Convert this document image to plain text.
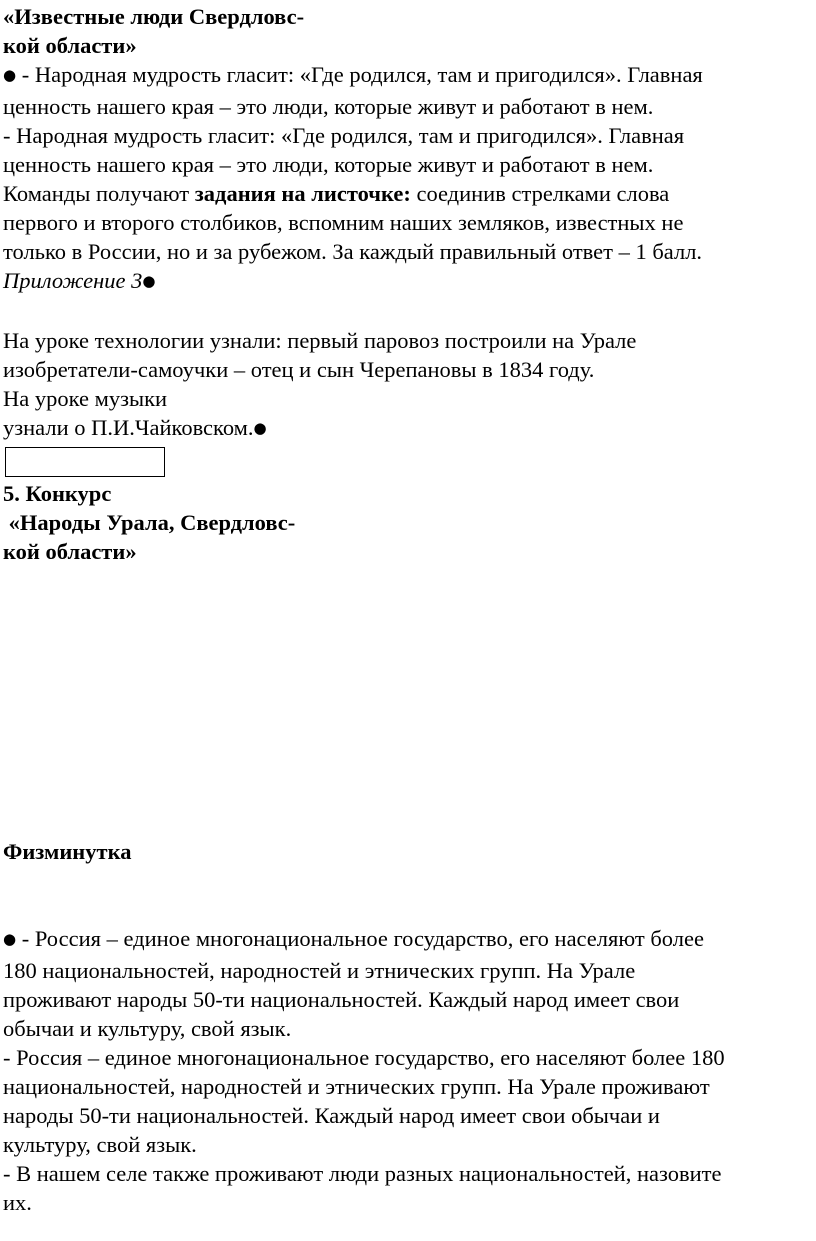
«Известные люди Свердловс-
кой области»
● - Народная мудрость гласит: «Где родился, там и пригодился». Главная
ценность нашего края – это люди, которые живут и работают в нем.
- Народная мудрость гласит: «Где родился, там и пригодился». Главная
ценность нашего края – это люди, которые живут и работают в нем.
Команды получают задания на листочке: соединив стрелками слова
первого и второго столбиков, вспомним наших земляков, известных не
только в России, но и за рубежом. За каждый правильный ответ – 1 балл.
Приложение 3●
На уроке технологии узнали: первый паровоз построили на Урале
изобретатели-самоучки – отец и сын Черепановы в 1834 году.
На уроке музыки
узнали о П.И.Чайковском.●
5. Конкурс
«Народы Урала, Свердловс-
кой области»
Физминутка
● - Россия – единое многонациональное государство, его населяют более
180 национальностей, народностей и этнических групп. На Урале
проживают народы 50-ти национальностей. Каждый народ имеет свои
обычаи и культуру, свой язык.
- Россия – единое многонациональное государство, его населяют более 180
национальностей, народностей и этнических групп. На Урале проживают
народы 50-ти национальностей. Каждый народ имеет свои обычаи и
культуру, свой язык.
- В нашем селе также проживают люди разных национальностей, назовите
их.
